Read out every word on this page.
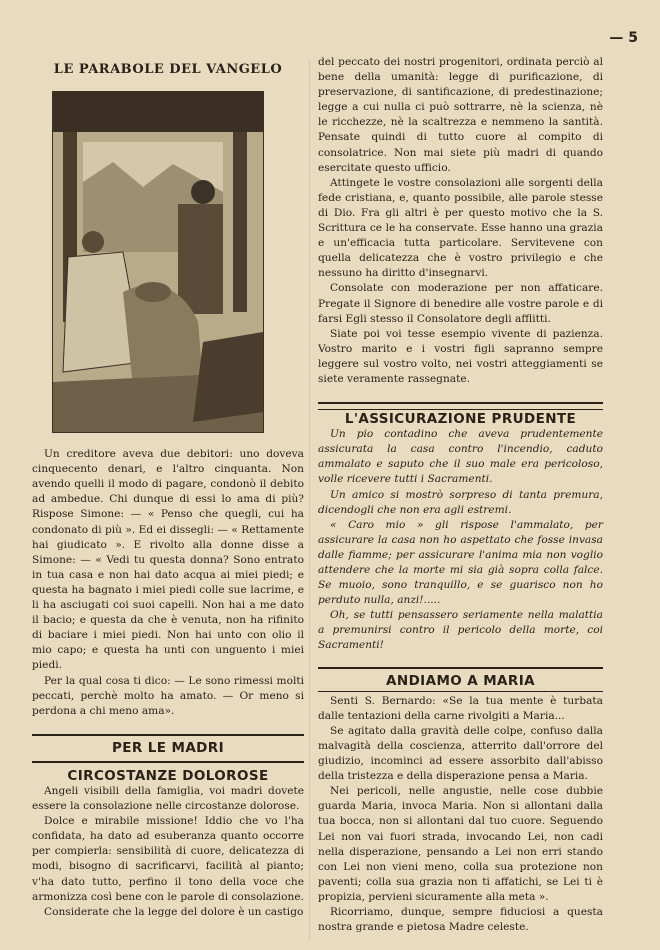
— 5
LE PARABOLE DEL VANGELO

Un creditore aveva due debitori: uno doveva cinquecento denari, e l'altro cinquanta. Non avendo quelli il modo di pagare, condonò il debito ad ambedue. Chi dunque di essi lo ama di più? Rispose Simone: — « Penso che quegli, cui ha condonato di più ». Ed ei dissegli: — « Rettamente hai giudicato ». E rivolto alla donne disse a Simone: — « Vedi tu questa donna? Sono entrato in tua casa e non hai dato acqua ai miei piedi; e questa ha bagnato i miei piedi colle sue lacrime, e li ha asciugati coi suoi capelli. Non hai a me dato il bacio; e questa da che è venuta, non ha rifinito di baciare i miei piedi. Non hai unto con olio il mio capo; e questa ha unti con unguento i miei piedi.

Per la qual cosa ti dico: — Le sono rimessi molti peccati, perchè molto ha amato. — Or meno si perdona a chi meno ama».

PER LE MADRI
CIRCOSTANZE DOLOROSE

Angeli visibili della famiglia, voi madri dovete essere la consolazione nelle circostanze dolorose.

Dolce e mirabile missione! Iddio che vo l'ha confidata, ha dato ad esuberanza quanto occorre per compierla: sensibilità di cuore, delicatezza di modi, bisogno di sacrificarvi, facilità al pianto; v'ha dato tutto, perfino il tono della voce che armonizza così bene con le parole di consolazione.

Considerate che la legge del dolore è un castigo

del peccato dei nostri progenitori, ordinata perciò al bene della umanità: legge di purificazione, di preservazione, di santificazione, di predestinazione; legge a cui nulla ci può sottrarre, nè la scienza, nè le ricchezze, nè la scaltrezza e nemmeno la santità. Pensate quindi di tutto cuore al compito di consolatrice. Non mai siete più madri di quando esercitate questo ufficio.

Attingete le vostre consolazioni alle sorgenti della fede cristiana, e, quanto possibile, alle parole stesse di Dio. Fra gli altri è per questo motivo che la S. Scrittura ce le ha conservate. Esse hanno una grazia e un'efficacia tutta particolare. Servitevene con quella delicatezza che è vostro privilegio e che nessuno ha diritto d'insegnarvi.

Consolate con moderazione per non affaticare. Pregate il Signore di benedire alle vostre parole e di farsi Egli stesso il Consolatore degli afflitti.

Siate poi voi tesse esempio vivente di pazienza. Vostro marito e i vostri figli sapranno sempre leggere sul vostro volto, nei vostri atteggiamenti se siete veramente rassegnate.

L'ASSICURAZIONE PRUDENTE

Un pio contadino che aveva prudentemente assicurata la casa contro l'incendio, caduto ammalato e saputo che il suo male era pericoloso, volle ricevere tutti i Sacramenti.

Un amico si mostrò sorpreso di tanta premura, dicendogli che non era agli estremi.

« Caro mio » gli rispose l'ammalato, per assicurare la casa non ho aspettato che fosse invasa dalle fiamme; per assicurare l'anima mia non voglio attendere che la morte mi sia già sopra colla falce. Se muoio, sono tranquillo, e se guarisco non ho perduto nulla, anzi!.....

Oh, se tutti pensassero seriamente nella malattia a premunirsi contro il pericolo della morte, coi Sacramenti!

ANDIAMO A MARIA

Senti S. Bernardo: «Se la tua mente è turbata dalle tentazioni della carne rivolgiti a Maria...

Se agitato dalla gravità delle colpe, confuso dalla malvagità della coscienza, atterrito dall'orrore del giudizio, incominci ad essere assorbito dall'abisso della tristezza e della disperazione pensa a Maria.

Nei pericoli, nelle angustie, nelle cose dubbie guarda Maria, invoca Maria. Non si allontani dalla tua bocca, non si allontani dal tuo cuore. Seguendo Lei non vai fuori strada, invocando Lei, non cadi nella disperazione, pensando a Lei non erri stando con Lei non vieni meno, colla sua protezione non paventi; colla sua grazia non ti affatichi, se Lei ti è propizia, pervieni sicuramente alla meta ».

Ricorriamo, dunque, sempre fiduciosi a questa nostra grande e pietosa Madre celeste.
